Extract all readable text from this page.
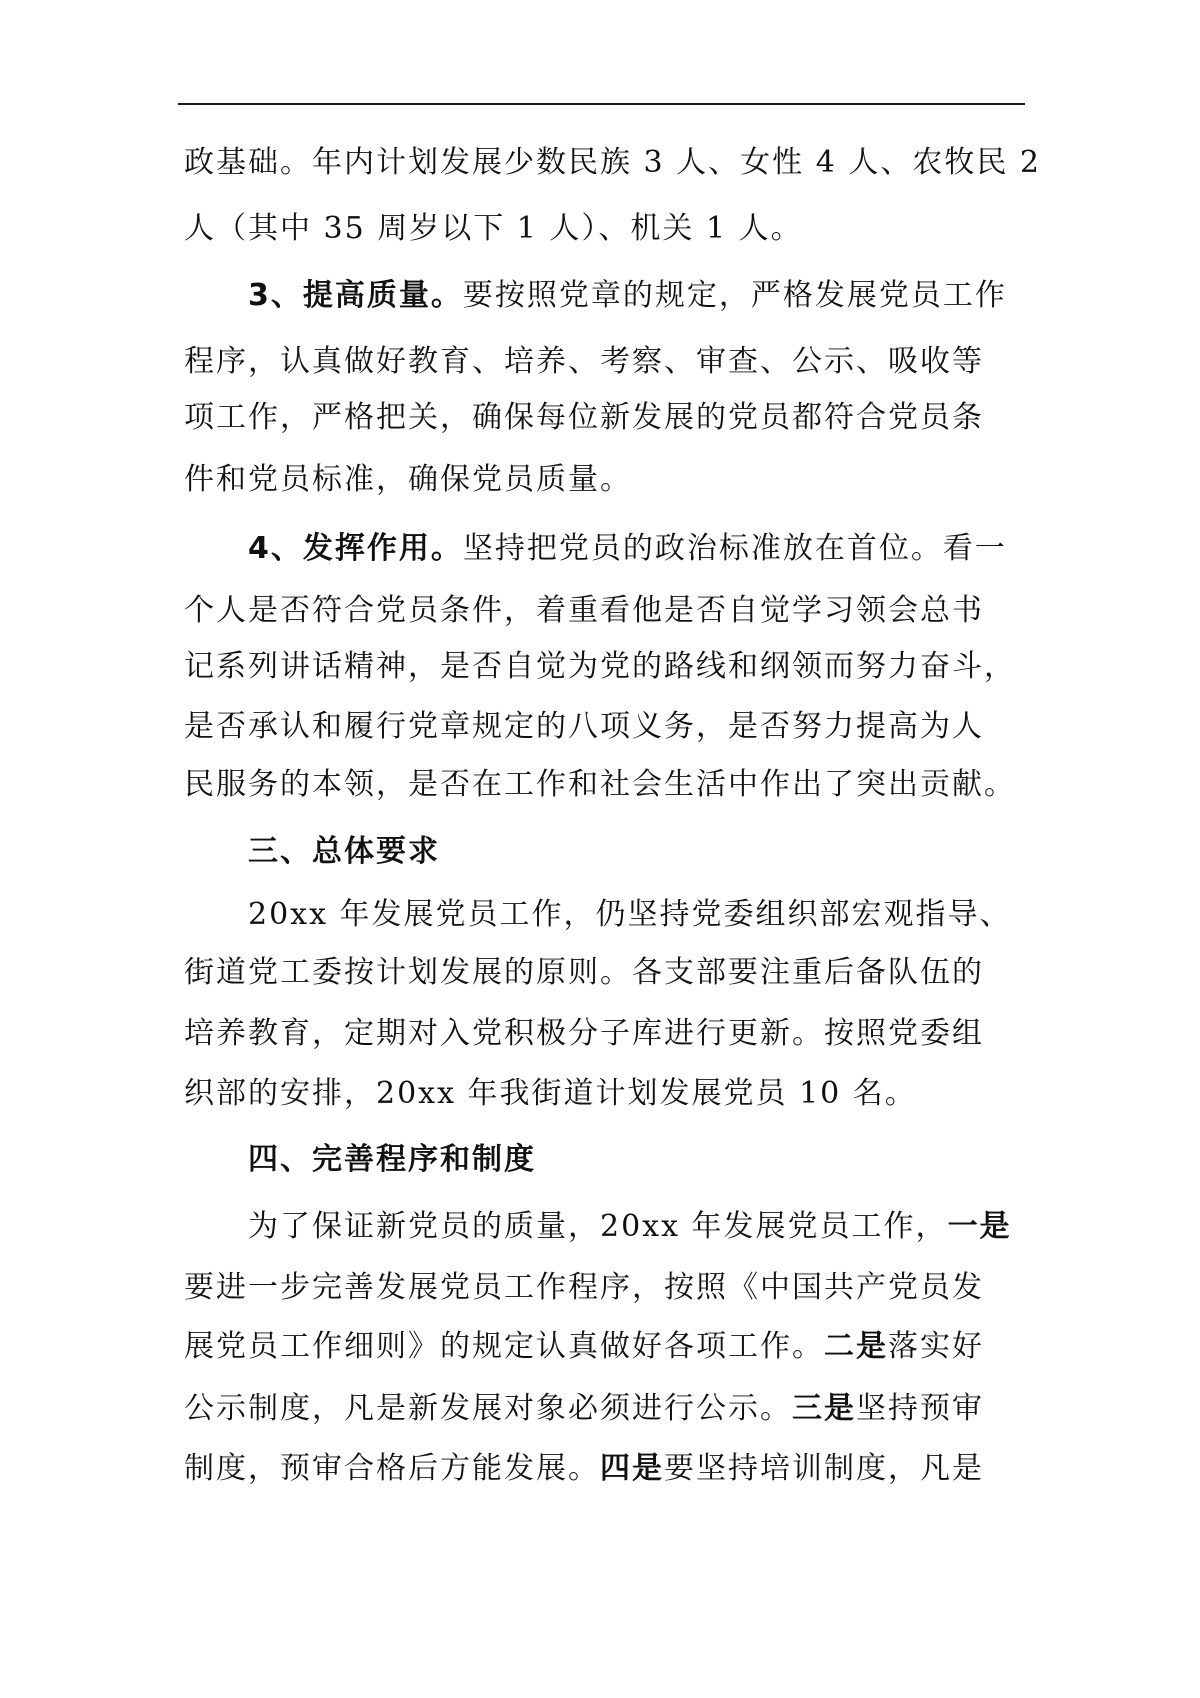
政基础。年内计划发展少数民族 3 人、女性 4 人、农牧民 2
人（其中 35 周岁以下 1 人）、机关 1 人。
3、提高质量。要按照党章的规定，严格发展党员工作
程序，认真做好教育、培养、考察、审查、公示、吸收等
项工作，严格把关，确保每位新发展的党员都符合党员条
件和党员标准，确保党员质量。
4、发挥作用。坚持把党员的政治标准放在首位。看一
个人是否符合党员条件，着重看他是否自觉学习领会总书
记系列讲话精神，是否自觉为党的路线和纲领而努力奋斗，
是否承认和履行党章规定的八项义务，是否努力提高为人
民服务的本领，是否在工作和社会生活中作出了突出贡献。
三、总体要求
20xx 年发展党员工作，仍坚持党委组织部宏观指导、
街道党工委按计划发展的原则。各支部要注重后备队伍的
培养教育，定期对入党积极分子库进行更新。按照党委组
织部的安排，20xx 年我街道计划发展党员 10 名。
四、完善程序和制度
为了保证新党员的质量，20xx 年发展党员工作，一是
要进一步完善发展党员工作程序，按照《中国共产党员发
展党员工作细则》的规定认真做好各项工作。二是落实好
公示制度，凡是新发展对象必须进行公示。三是坚持预审
制度，预审合格后方能发展。四是要坚持培训制度，凡是
